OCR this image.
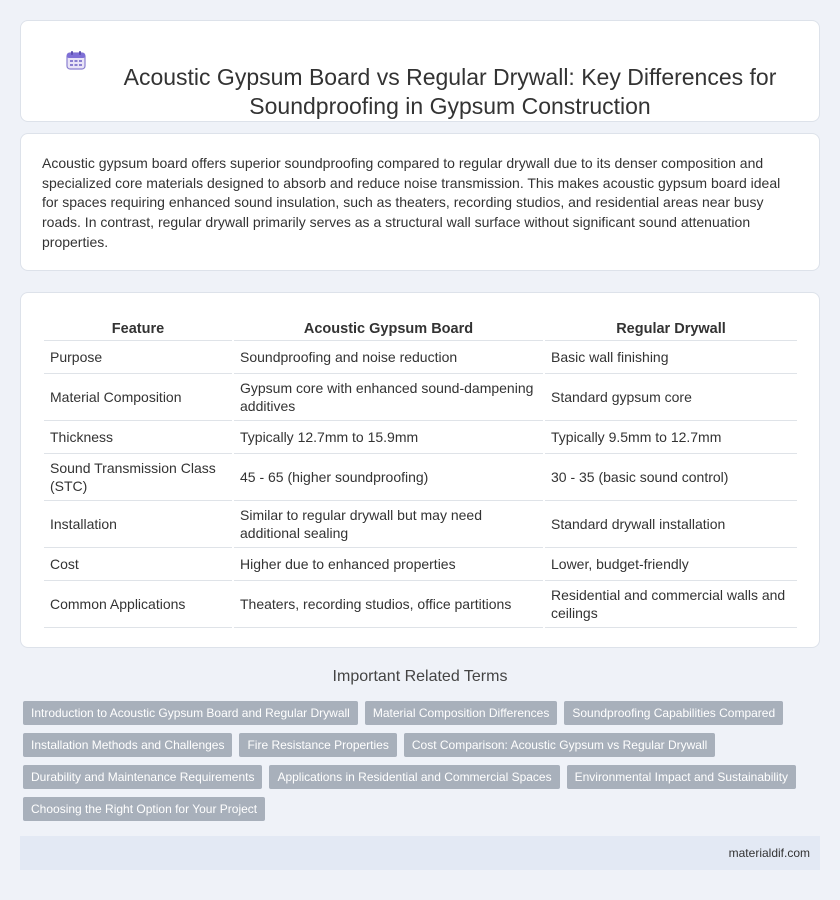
Acoustic Gypsum Board vs Regular Drywall: Key Differences for
Soundproofing in Gypsum Construction

Acoustic gypsum board offers superior soundproofing compared to regular drywall due to its denser composition and specialized core materials designed to absorb and reduce noise transmission. This makes acoustic gypsum board ideal for spaces requiring enhanced sound insulation, such as theaters, recording studios, and residential areas near busy roads. In contrast, regular drywall primarily serves as a structural wall surface without significant sound attenuation properties.

Feature	Acoustic Gypsum Board	Regular Drywall
Purpose	Soundproofing and noise reduction	Basic wall finishing
Material Composition	Gypsum core with enhanced sound-dampening additives	Standard gypsum core
Thickness	Typically 12.7mm to 15.9mm	Typically 9.5mm to 12.7mm
Sound Transmission Class (STC)	45 - 65 (higher soundproofing)	30 - 35 (basic sound control)
Installation	Similar to regular drywall but may need additional sealing	Standard drywall installation
Cost	Higher due to enhanced properties	Lower, budget-friendly
Common Applications	Theaters, recording studios, office partitions	Residential and commercial walls and ceilings
Important Related Terms
Introduction to Acoustic Gypsum Board and Regular Drywall	Material Composition Differences	Soundproofing Capabilities Compared
Installation Methods and Challenges	Fire Resistance Properties	Cost Comparison: Acoustic Gypsum vs Regular Drywall
Durability and Maintenance Requirements	Applications in Residential and Commercial Spaces	Environmental Impact and Sustainability
Choosing the Right Option for Your Project
materialdif.com
